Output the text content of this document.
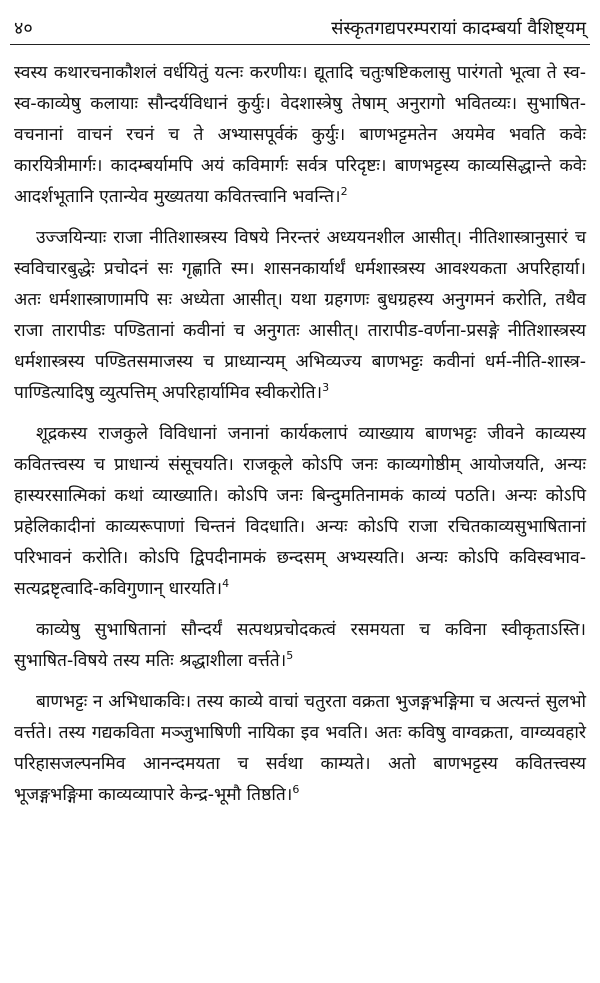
४०	संस्कृतगद्यपरम्परायां कादम्बर्या वैशिष्ट्यम्

स्वस्य कथारचनाकौशलं वर्धयितुं यत्नः करणीयः। द्यूतादि चतुःषष्टिकलासु पारंगतो भूत्वा ते स्व-स्व-काव्येषु कलायाः सौन्दर्यविधानं कुर्युः। वेदशास्त्रेषु तेषाम् अनुरागो भवितव्यः। सुभाषित- वचनानां वाचनं रचनं च ते अभ्यासपूर्वकं कुर्युः। बाणभट्टमतेन अयमेव भवति कवेः कारयित्रीमार्गः। कादम्बर्यामपि अयं कविमार्गः सर्वत्र परिदृष्टः। बाणभट्टस्य काव्यसिद्धान्ते कवेः आदर्शभूतानि एतान्येव मुख्यतया कवितत्त्वानि भवन्ति।$^2$

उज्जयिन्याः राजा नीतिशास्त्रस्य विषये निरन्तरं अध्ययनशील आसीत्। नीतिशास्त्रानुसारं च स्वविचारबुद्धेः प्रचोदनं सः गृह्णाति स्म। शासनकार्यार्थं धर्मशास्त्रस्य आवश्यकता अपरिहार्या। अतः धर्मशास्त्राणामपि सः अध्येता आसीत्। यथा ग्रहगणः बुधग्रहस्य अनुगमनं करोति, तथैव राजा तारापीडः पण्डितानां कवीनां च अनुगतः आसीत्। तारापीड-वर्णना-प्रसङ्गे नीतिशास्त्रस्य धर्मशास्त्रस्य पण्डितसमाजस्य च प्राध्यान्यम् अभिव्यज्य बाणभट्टः कवीनां धर्म-नीति-शास्त्र-पाण्डित्यादिषु व्युत्पत्तिम् अपरिहार्यामिव स्वीकरोति।$^3$

शूद्रकस्य राजकुले विविधानां जनानां कार्यकलापं व्याख्याय बाणभट्टः जीवने काव्यस्य कवितत्त्वस्य च प्राधान्यं संसूचयति। राजकूले कोऽपि जनः काव्यगोष्ठीम् आयोजयति, अन्यः हास्यरसात्मिकां कथां व्याख्याति। कोऽपि जनः बिन्दुमतिनामकं काव्यं पठति। अन्यः कोऽपि प्रहेलिकादीनां काव्यरूपाणां चिन्तनं विदधाति। अन्यः कोऽपि राजा रचितकाव्यसुभाषितानां परिभावनं करोति। कोऽपि द्विपदीनामकं छन्दसम् अभ्यस्यति। अन्यः कोऽपि कविस्वभाव-सत्यद्रष्टृत्वादि-कविगुणान् धारयति।$^4$

काव्येषु सुभाषितानां सौन्दर्यं सत्पथप्रचोदकत्वं रसमयता च कविना स्वीकृताऽस्ति। सुभाषित-विषये तस्य मतिः श्रद्धाशीला वर्त्तते।$^5$

बाणभट्टः न अभिधाकविः। तस्य काव्ये वाचां चतुरता वक्रता भुजङ्गभङ्गिमा च अत्यन्तं सुलभो वर्त्तते। तस्य गद्यकविता मञ्जुभाषिणी नायिका इव भवति। अतः कविषु वाग्वक्रता, वाग्व्यवहारे परिहासजल्पनमिव आनन्दमयता च सर्वथा काम्यते। अतो बाणभट्टस्य कवितत्त्वस्य भूजङ्गभङ्गिमा काव्यव्यापारे केन्द्र-भूमौ तिष्ठति।$^6$
